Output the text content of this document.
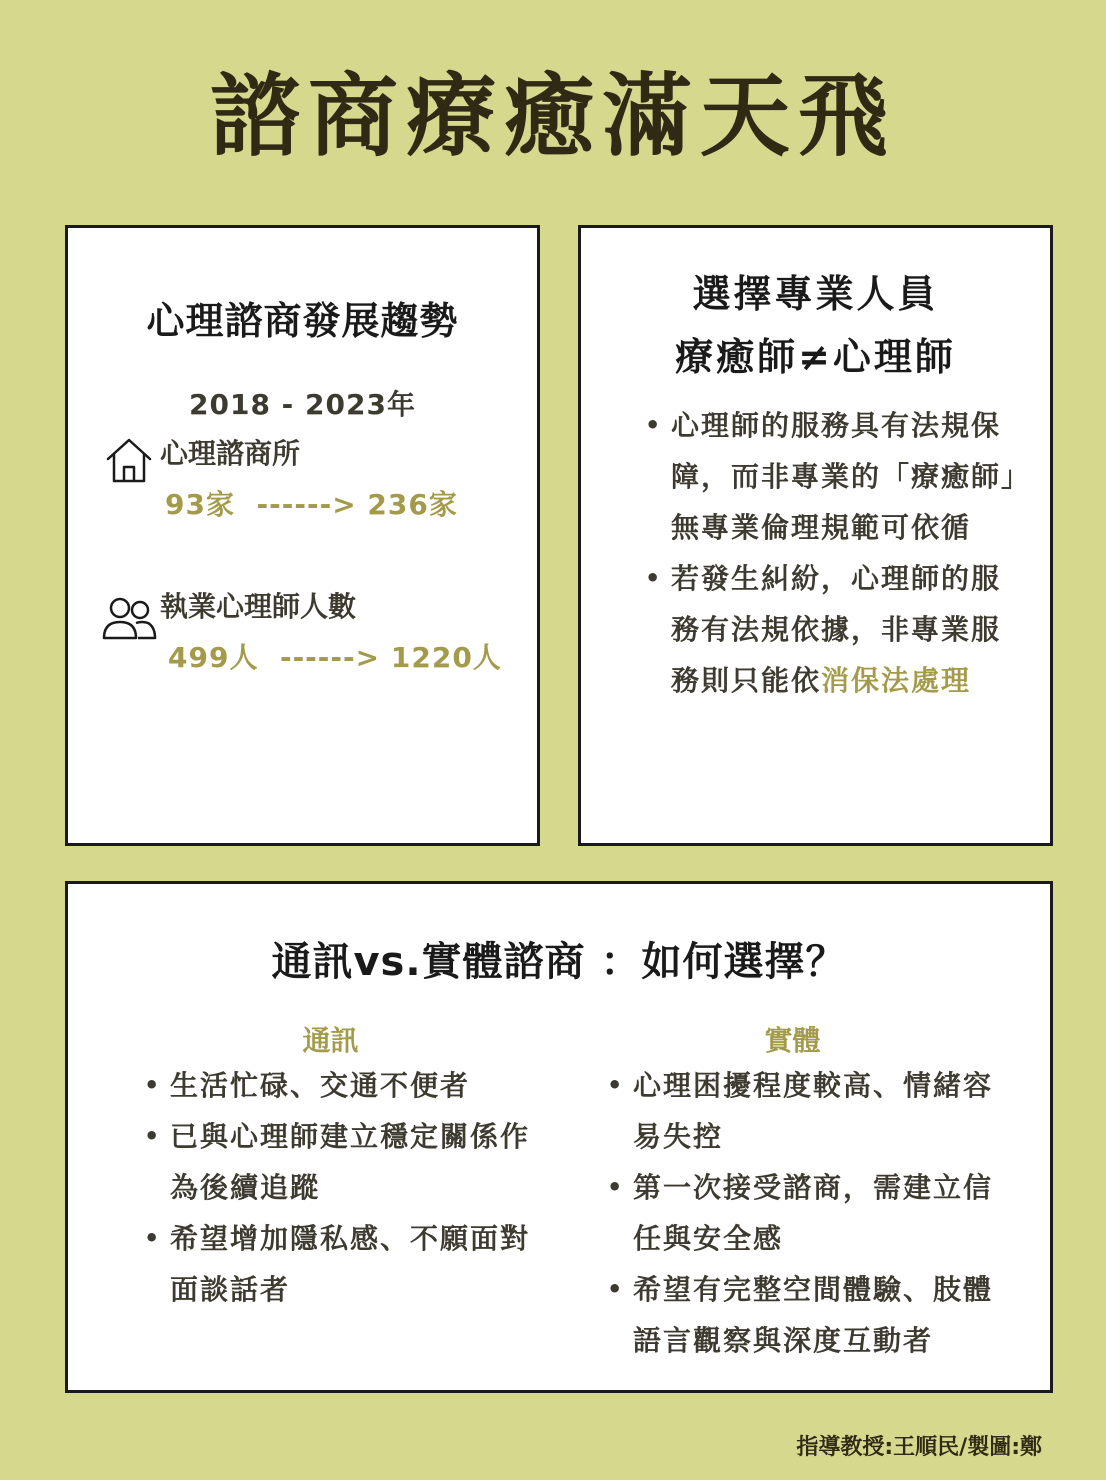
諮商療癒滿天飛
心理諮商發展趨勢
2018 - 2023年
心理諮商所
93家  ------> 236家
執業心理師人數
499人  ------> 1220人
選擇專業人員
療癒師≠心理師
• 心理師的服務具有法規保障，而非專業的「療癒師」無專業倫理規範可依循
• 若發生糾紛，心理師的服務有法規依據，非專業服務則只能依消保法處理
通訊vs.實體諮商 ：如何選擇？
通訊
• 生活忙碌、交通不便者
• 已與心理師建立穩定關係作為後續追蹤
• 希望增加隱私感、不願面對面談話者
實體
• 心理困擾程度較高、情緒容易失控
• 第一次接受諮商，需建立信任與安全感
• 希望有完整空間體驗、肢體語言觀察與深度互動者
指導教授:王順民/製圖:鄭
